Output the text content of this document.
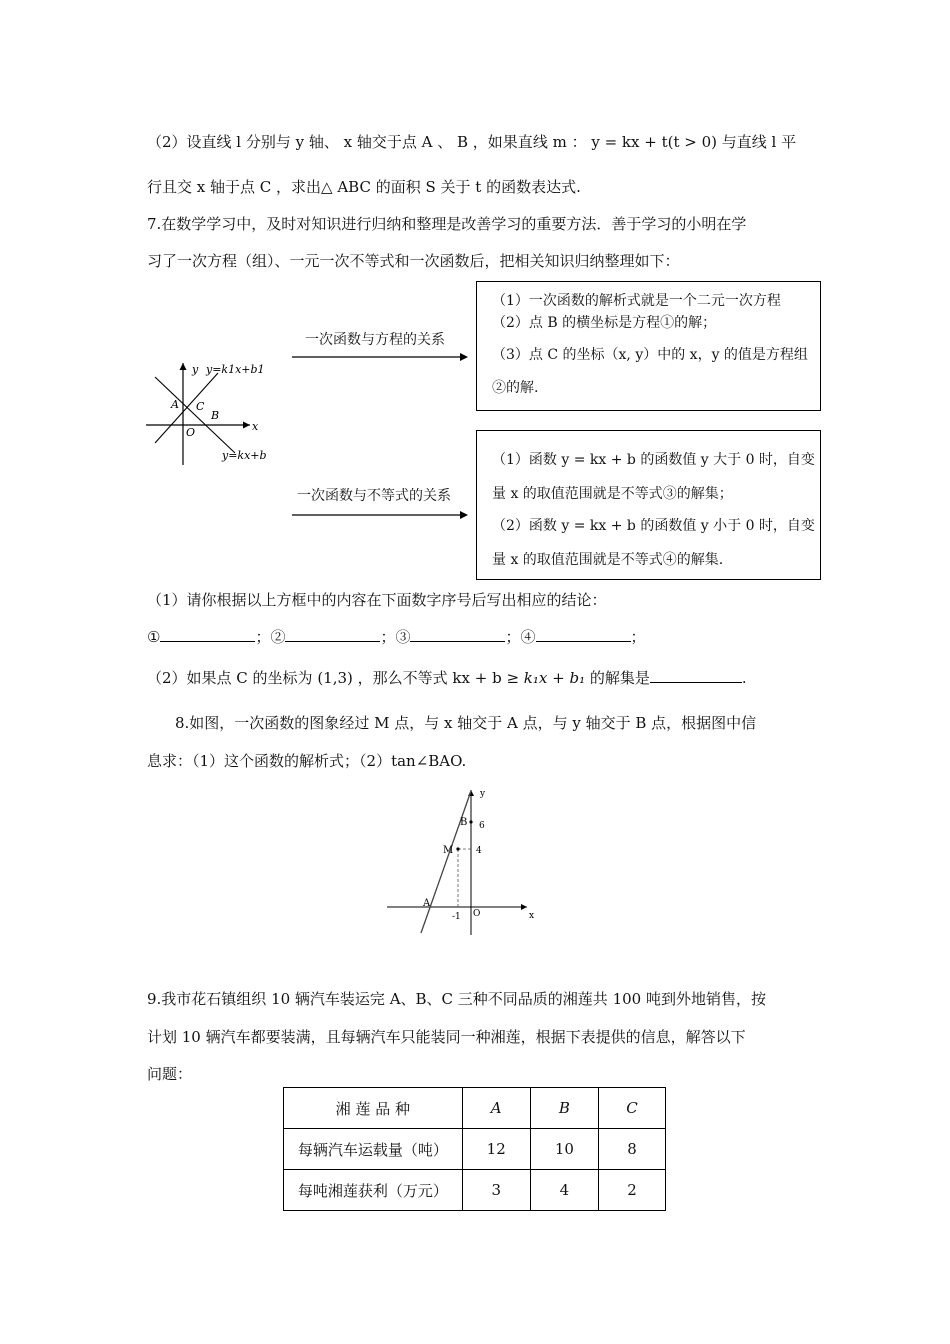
（2）设直线 l 分别与 y 轴、 x 轴交于点 A 、 B ，如果直线 m ： y = kx + t(t > 0) 与直线 l 平
行且交 x 轴于点 C ，求出△ ABC 的面积 S 关于 t 的函数表达式.
7.在数学学习中，及时对知识进行归纳和整理是改善学习的重要方法．善于学习的小明在学
习了一次方程（组）、一元一次不等式和一次函数后，把相关知识归纳整理如下：
y
x
y=k1x+b1
y=kx+b
A C
B
O
一次函数与方程的关系
（1）一次函数的解析式就是一个二元一次方程
（2）点 B 的横坐标是方程①的解；
（3）点 C 的坐标（x, y）中的 x，y 的值是方程组
②的解.
一次函数与不等式的关系
（1）函数 y = kx + b 的函数值 y 大于 0 时，自变
量 x 的取值范围就是不等式③的解集；
（2）函数 y = kx + b 的函数值 y 小于 0 时，自变
量 x 的取值范围就是不等式④的解集.
（1）请你根据以上方框中的内容在下面数字序号后写出相应的结论：
①	；②	；③	；④	；
（2）如果点 C 的坐标为 (1,3) ，那么不等式 kx + b ≥ k₁x + b₁ 的解集是	.
8.如图，一次函数的图象经过 M 点，与 x 轴交于 A 点，与 y 轴交于 B 点，根据图中信
息求：（1）这个函数的解析式；（2）tan∠BAO.
y
x
B 6
M	4
A
-1 O
9.我市花石镇组织 10 辆汽车装运完 A、B、C 三种不同品质的湘莲共 100 吨到外地销售，按
计划 10 辆汽车都要装满，且每辆汽车只能装同一种湘莲，根据下表提供的信息，解答以下
问题：
湘 莲 品 种	A	B	C
每辆汽车运载量（吨）	12	10	8
每吨湘莲获利（万元）	3	4	2
